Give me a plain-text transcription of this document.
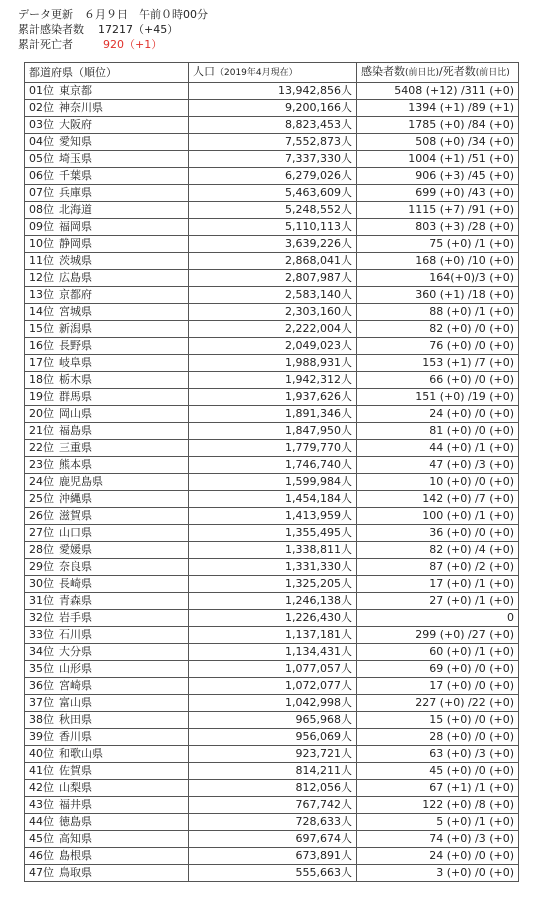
データ更新　６月９日　午前０時00分
累計感染者数 17217（+45）
累計死亡者	920（+1）
都道府県（順位）	人口（2019年4月現在）	感染者数(前日比)/死者数(前日比)
01位 東京都	13,942,856人	5408 (+12) /311 (+0)
02位 神奈川県	9,200,166人	1394 (+1) /89 (+1)
03位 大阪府	8,823,453人	1785 (+0) /84 (+0)
04位 愛知県	7,552,873人	508 (+0) /34 (+0)
05位 埼玉県	7,337,330人	1004 (+1) /51 (+0)
06位 千葉県	6,279,026人	906 (+3) /45 (+0)
07位 兵庫県	5,463,609人	699 (+0) /43 (+0)
08位 北海道	5,248,552人	1115 (+7) /91 (+0)
09位 福岡県	5,110,113人	803 (+3) /28 (+0)
10位 静岡県	3,639,226人	75 (+0) /1 (+0)
11位 茨城県	2,868,041人	168 (+0) /10 (+0)
12位 広島県	2,807,987人	164(+0)/3 (+0)
13位 京都府	2,583,140人	360 (+1) /18 (+0)
14位 宮城県	2,303,160人	88 (+0) /1 (+0)
15位 新潟県	2,222,004人	82 (+0) /0 (+0)
16位 長野県	2,049,023人	76 (+0) /0 (+0)
17位 岐阜県	1,988,931人	153 (+1) /7 (+0)
18位 栃木県	1,942,312人	66 (+0) /0 (+0)
19位 群馬県	1,937,626人	151 (+0) /19 (+0)
20位 岡山県	1,891,346人	24 (+0) /0 (+0)
21位 福島県	1,847,950人	81 (+0) /0 (+0)
22位 三重県	1,779,770人	44 (+0) /1 (+0)
23位 熊本県	1,746,740人	47 (+0) /3 (+0)
24位 鹿児島県	1,599,984人	10 (+0) /0 (+0)
25位 沖縄県	1,454,184人	142 (+0) /7 (+0)
26位 滋賀県	1,413,959人	100 (+0) /1 (+0)
27位 山口県	1,355,495人	36 (+0) /0 (+0)
28位 愛媛県	1,338,811人	82 (+0) /4 (+0)
29位 奈良県	1,331,330人	87 (+0) /2 (+0)
30位 長崎県	1,325,205人	17 (+0) /1 (+0)
31位 青森県	1,246,138人	27 (+0) /1 (+0)
32位 岩手県	1,226,430人	0
33位 石川県	1,137,181人	299 (+0) /27 (+0)
34位 大分県	1,134,431人	60 (+0) /1 (+0)
35位 山形県	1,077,057人	69 (+0) /0 (+0)
36位 宮崎県	1,072,077人	17 (+0) /0 (+0)
37位 富山県	1,042,998人	227 (+0) /22 (+0)
38位 秋田県	965,968人	15 (+0) /0 (+0)
39位 香川県	956,069人	28 (+0) /0 (+0)
40位 和歌山県	923,721人	63 (+0) /3 (+0)
41位 佐賀県	814,211人	45 (+0) /0 (+0)
42位 山梨県	812,056人	67 (+1) /1 (+0)
43位 福井県	767,742人	122 (+0) /8 (+0)
44位 徳島県	728,633人	5 (+0) /1 (+0)
45位 高知県	697,674人	74 (+0) /3 (+0)
46位 島根県	673,891人	24 (+0) /0 (+0)
47位 鳥取県	555,663人	3 (+0) /0 (+0)
